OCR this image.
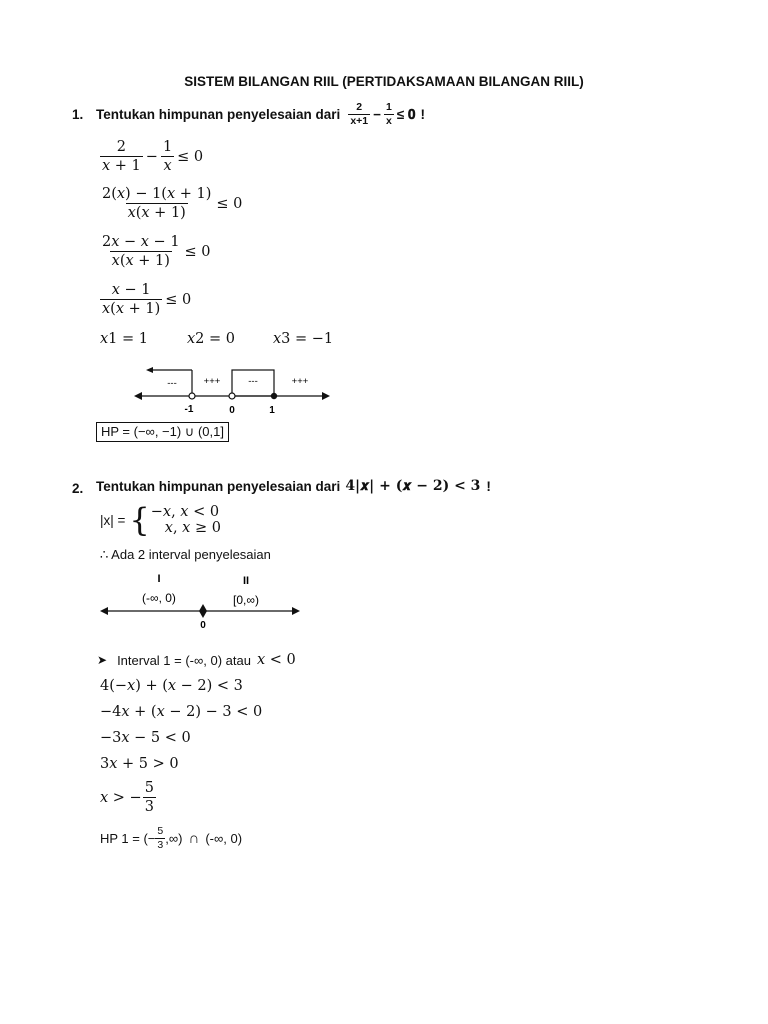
SISTEM BILANGAN RIIL (PERTIDAKSAMAAN BILANGAN RIIL)
1. Tentukan himpunan penyelesaian dari $\frac{2}{x+1} - \frac{1}{x}$ ≤ 𝟎 !
$\frac{2}{\text{𝑥 + 1}} - \frac{1}{\text{𝑥}} \le 0$
$\frac{\text{2(𝑥) − 1(𝑥 + 1)}}{\text{𝑥(𝑥 + 1)}} \le 0$
$\frac{\text{2𝑥 − 𝑥 − 1}}{\text{𝑥(𝑥 + 1)}} \le 0$
$\frac{\text{𝑥 − 1}}{\text{𝑥(𝑥 + 1)}} \le 0$
𝑥1 = 1	𝑥2 = 0	𝑥3 = −1
---	+++	---	+++
-1	0	1
HP = (−∞, −1) ∪ (0,1]
2. Tentukan himpunan penyelesaian dari 𝟒|𝒙| + (𝒙 − 𝟐) < 𝟑 !
|x| = { −𝑥, 𝑥 < 0
𝑥, 𝑥 ≥ 0
∴ Ada 2 interval penyelesaian
I	II
(-∞, 0)	[0,∞)
0
➤ Interval 1 = (-∞, 0) atau 𝑥 < 0
4(−𝑥) + (𝑥 − 2) < 3
−4𝑥 + (𝑥 − 2) − 3 < 0
−3𝑥 − 5 < 0
3𝑥 + 5 > 0
𝑥 > − $\frac{5}{3}$
HP 1 = (− $\frac{5}{3}$ ,∞) ∩ (-∞, 0)
